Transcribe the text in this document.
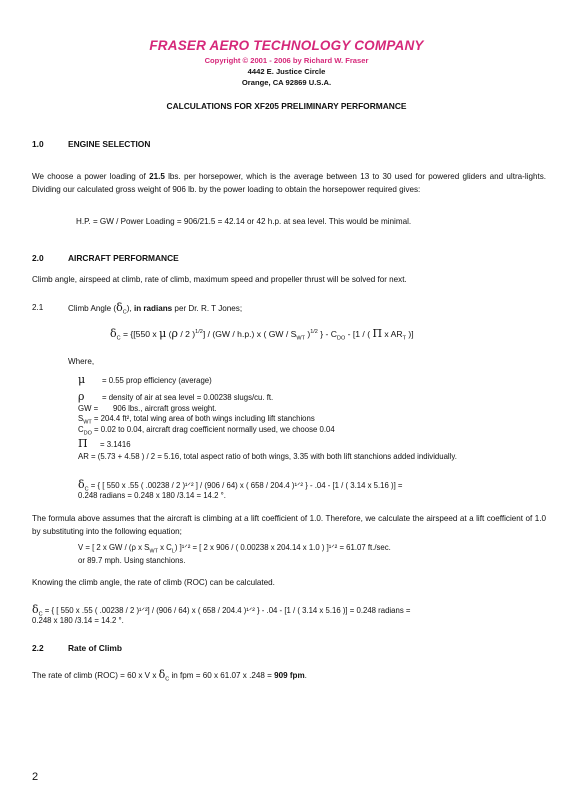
FRASER AERO TECHNOLOGY COMPANY
Copyright © 2001 - 2006 by Richard W. Fraser
4442 E. Justice Circle
Orange, CA 92869 U.S.A.
CALCULATIONS FOR XF205 PRELIMINARY PERFORMANCE
1.0	ENGINE SELECTION
We choose a power loading of 21.5 lbs. per horsepower, which is the average between 13 to 30 used for powered gliders and ultra-lights. Dividing our calculated gross weight of 906 lb. by the power loading to obtain the horsepower required gives:
H.P. = GW / Power Loading = 906/21.5 = 42.14 or 42 h.p. at sea level. This would be minimal.
2.0	AIRCRAFT PERFORMANCE
Climb angle, airspeed at climb, rate of climb, maximum speed and propeller thrust will be solved for next.
2.1	Climb Angle $(\delta_C)$, in radians per Dr. R. T Jones;
$\delta_C = \{[550$ x μ (ρ / 2 )$^{1/2}$] / (GW / h.p.) x ( GW / $S_{WT}$ )$^{1/2}$ } - $C_{DO} - [1$ / ( Π x $AR_T$ )]
Where,
μ = 0.55 prop efficiency (average)
ρ = density of air at sea level = 0.00238 slugs/cu. ft.
GW = 906 lbs., aircraft gross weight.
$S_{WT} = 204.4$ ft², total wing area of both wings including lift stanchions
$C_{DO} = 0.02$ to 0.04, aircraft drag coefficient normally used, we choose 0.04
Π = 3.1416
AR = (5.73 + 4.58 ) / 2 = 5.16, total aspect ratio of both wings, 3.35 with both lift stanchions added individually.
$\delta_C$ = { [ 550 x .55 ( .00238 / 2 )¹ᐟ² ] / (906 / 64) x ( 658 / 204.4 )¹ᐟ² } - .04 - [1 / ( 3.14 x 5.16 )] =
0.248 radians = 0.248 x 180 /3.14 = 14.2 °.
The formula above assumes that the aircraft is climbing at a lift coefficient of 1.0. Therefore, we calculate the airspeed at a lift coefficient of 1.0 by substituting into the following equation;
V = [ 2 x GW / (ρ x $S_{WT}$ x $C_L$) ]¹ᐟ² = [ 2 x 906 / ( 0.00238 x 204.14 x 1.0 ) ]¹ᐟ² = 61.07 ft./sec.
or 89.7 mph. Using stanchions.
Knowing the climb angle, the rate of climb (ROC) can be calculated.
$\delta_C$ = { [ 550 x .55 ( .00238 / 2 )¹ᐟ²] / (906 / 64) x ( 658 / 204.4 )¹ᐟ² } - .04 - [1 / ( 3.14 x 5.16 )] = 0.248 radians =
0.248 x 180 /3.14 = 14.2 °.
2.2	Rate of Climb
The rate of climb (ROC) = 60 x V x $\delta_C$ in fpm = 60 x 61.07 x .248 = 909 fpm.
2
